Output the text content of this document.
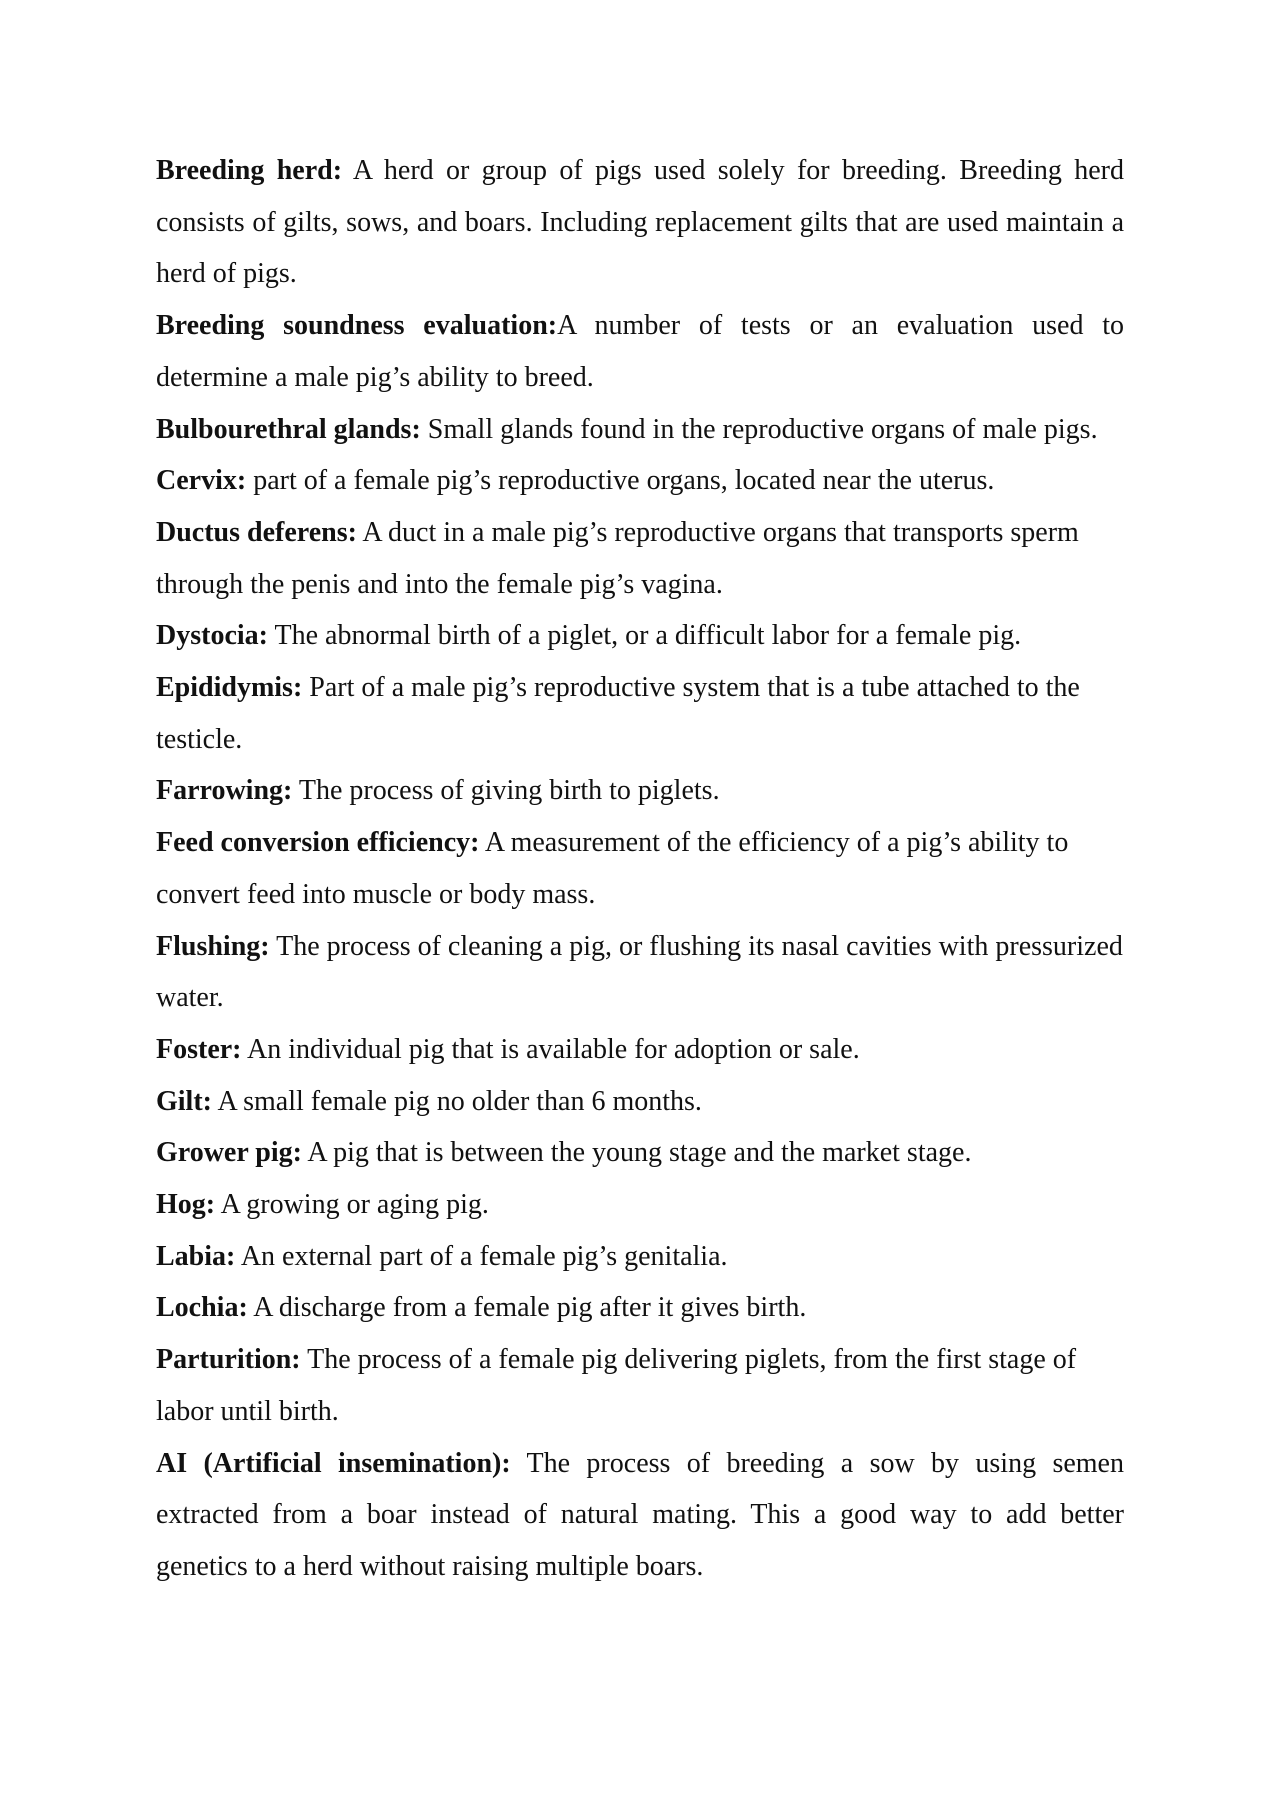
Breeding herd: A herd or group of pigs used solely for breeding. Breeding herd consists of gilts, sows, and boars. Including replacement gilts that are used maintain a herd of pigs.

Breeding soundness evaluation:A number of tests or an evaluation used to determine a male pig’s ability to breed.

Bulbourethral glands: Small glands found in the reproductive organs of male pigs.

Cervix: part of a female pig’s reproductive organs, located near the uterus.

Ductus deferens: A duct in a male pig’s reproductive organs that transports sperm through the penis and into the female pig’s vagina.

Dystocia: The abnormal birth of a piglet, or a difficult labor for a female pig.

Epididymis: Part of a male pig’s reproductive system that is a tube attached to the testicle.

Farrowing: The process of giving birth to piglets.

Feed conversion efficiency: A measurement of the efficiency of a pig’s ability to convert feed into muscle or body mass.

Flushing: The process of cleaning a pig, or flushing its nasal cavities with pressurized water.

Foster: An individual pig that is available for adoption or sale.

Gilt: A small female pig no older than 6 months.

Grower pig: A pig that is between the young stage and the market stage.

Hog: A growing or aging pig.

Labia: An external part of a female pig’s genitalia.

Lochia: A discharge from a female pig after it gives birth.

Parturition: The process of a female pig delivering piglets, from the first stage of labor until birth.

AI (Artificial insemination): The process of breeding a sow by using semen extracted from a boar instead of natural mating. This a good way to add better genetics to a herd without raising multiple boars.
